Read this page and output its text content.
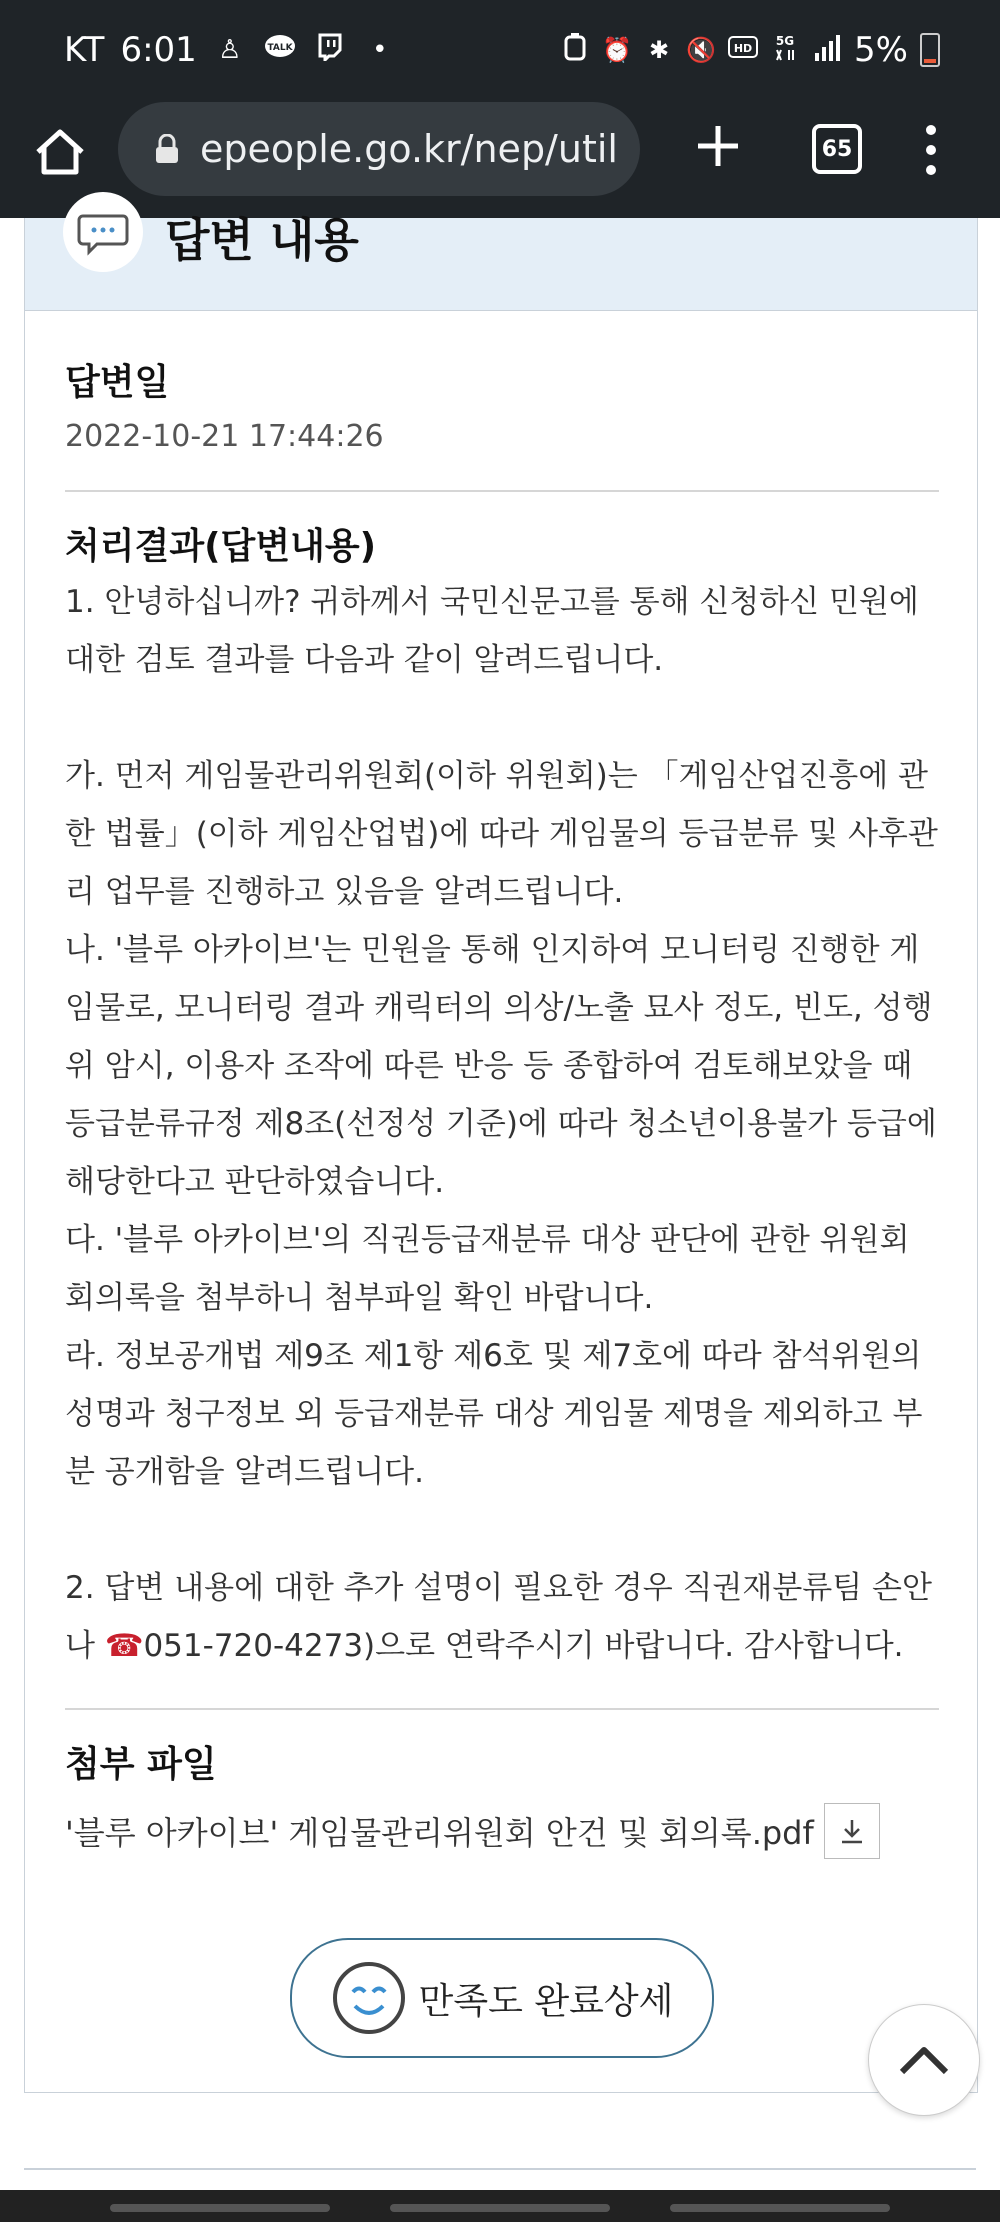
KT 6:01 ♙	TALK	•	⏰ ✱ 🔇 HD
5G 5%
epeople.go.kr/nep/util	65
답변 내용
답변일
2022-10-21 17:44:26
처리결과(답변내용)

1. 안녕하십니까? 귀하께서 국민신문고를 통해 신청하신 민원에

대한 검토 결과를 다음과 같이 알려드립니다.

가. 먼저 게임물관리위원회(이하 위원회)는 「게임산업진흥에 관

한 법률」(이하 게임산업법)에 따라 게임물의 등급분류 및 사후관

리 업무를 진행하고 있음을 알려드립니다.

나. '블루 아카이브'는 민원을 통해 인지하여 모니터링 진행한 게

임물로, 모니터링 결과 캐릭터의 의상/노출 묘사 정도, 빈도, 성행

위 암시, 이용자 조작에 따른 반응 등 종합하여 검토해보았을 때

등급분류규정 제8조(선정성 기준)에 따라 청소년이용불가 등급에

해당한다고 판단하였습니다.

다. '블루 아카이브'의 직권등급재분류 대상 판단에 관한 위원회

회의록을 첨부하니 첨부파일 확인 바랍니다.

라. 정보공개법 제9조 제1항 제6호 및 제7호에 따라 참석위원의

성명과 청구정보 외 등급재분류 대상 게임물 제명을 제외하고 부

분 공개함을 알려드립니다.

2. 답변 내용에 대한 추가 설명이 필요한 경우 직권재분류팀 손안

나 ☎051-720-4273)으로 연락주시기 바랍니다. 감사합니다.

첨부 파일
'블루 아카이브' 게임물관리위원회 안건 및 회의록.pdf
만족도 완료상세
